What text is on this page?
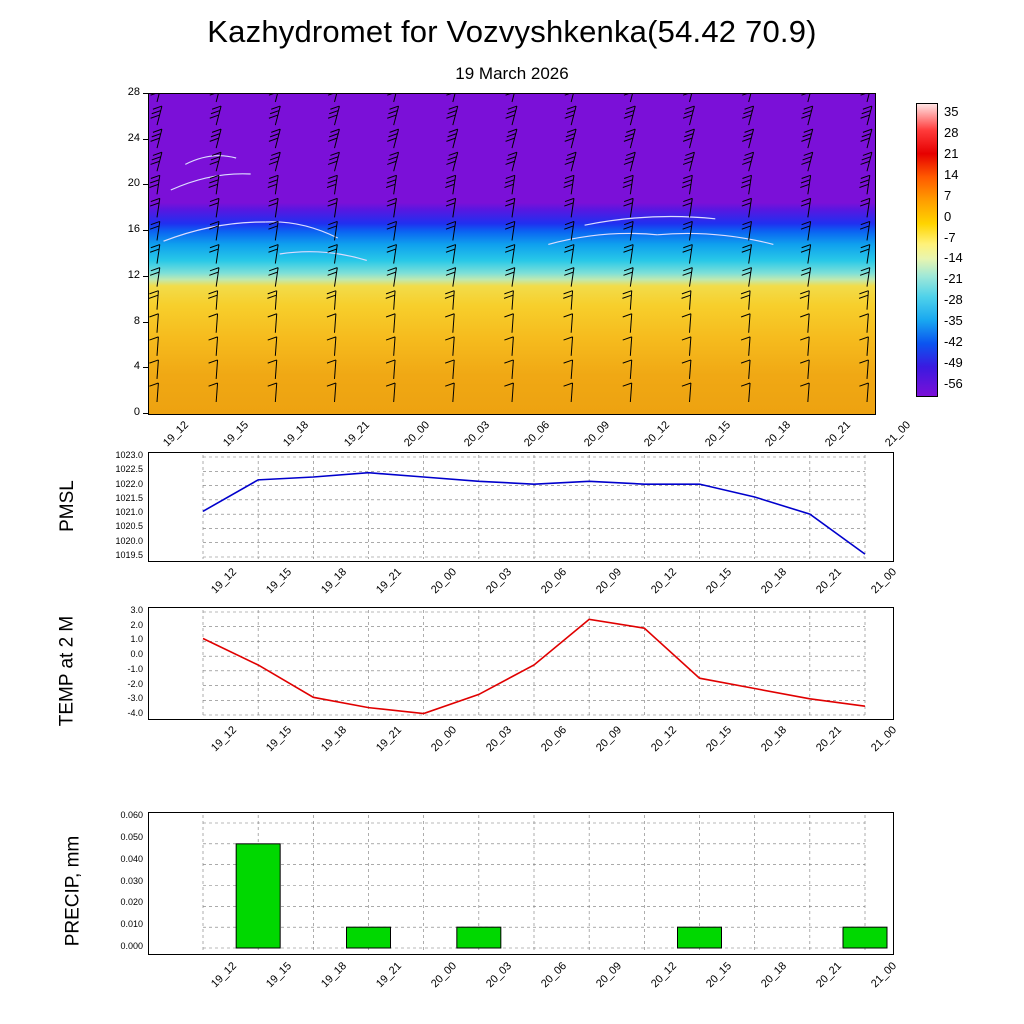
Kazhydromet for Vozvyshkenka(54.42 70.9)
19 March 2026
0
4
8
12
16
20
24
28
19_12	19_15	19_18	19_21	20_00	20_03	20_06	20_09	20_12	20_15	20_18	20_21	21_00
35
28
21
14
7
0
-7
-14
-21
-28
-35
-42
-49
-56
PMSL
1019.5
1020.0
1020.5
1021.0
1021.5
1022.0
1022.5
1023.0
19_12 19_15 19_18 19_21 20_00 20_03 20_06 20_09 20_12 20_15 20_18 20_21 21_00
TEMP at 2 M	-4.0
-3.0
-2.0
-1.0
0.0
1.0
2.0
3.0
19_12 19_15 19_18 19_21 20_00 20_03 20_06 20_09 20_12 20_15 20_18 20_21 21_00
PRECIP, mm	0.000
0.010
0.020
0.030
0.040
0.050
0.060
19_12 19_15 19_18 19_21 20_00 20_03 20_06 20_09 20_12 20_15 20_18 20_21 21_00
